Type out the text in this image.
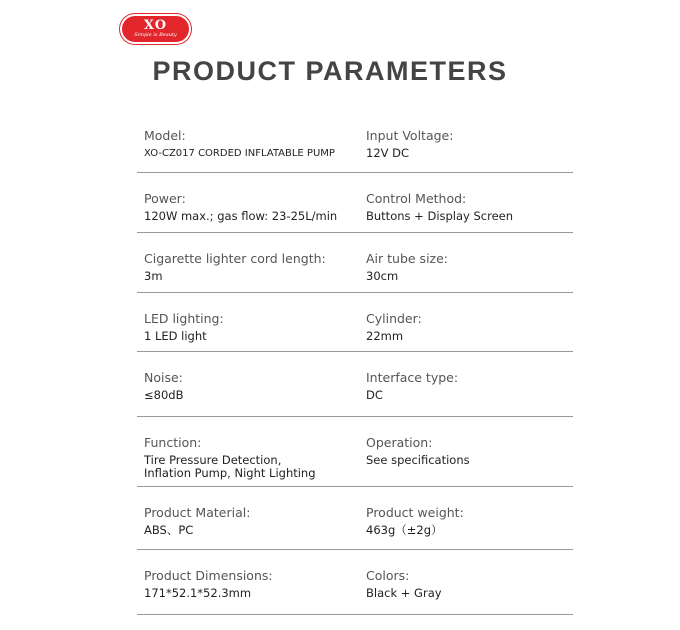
XO
Simple is Beauty
PRODUCT PARAMETERS
Model:
XO-CZ017 CORDED INFLATABLE PUMP
Input Voltage:
12V DC
Power:
120W max.; gas flow: 23-25L/min
Control Method:
Buttons + Display Screen
Cigarette lighter cord length:
3m
Air tube size:
30cm
LED lighting:
1 LED light
Cylinder:
22mm
Noise:
≤80dB
Interface type:
DC
Function:
Tire Pressure Detection,
Inflation Pump, Night Lighting
Operation:
See specifications
Product Material:
ABS、PC
Product weight:
463g（±2g）
Product Dimensions:
171*52.1*52.3mm
Colors:
Black + Gray
